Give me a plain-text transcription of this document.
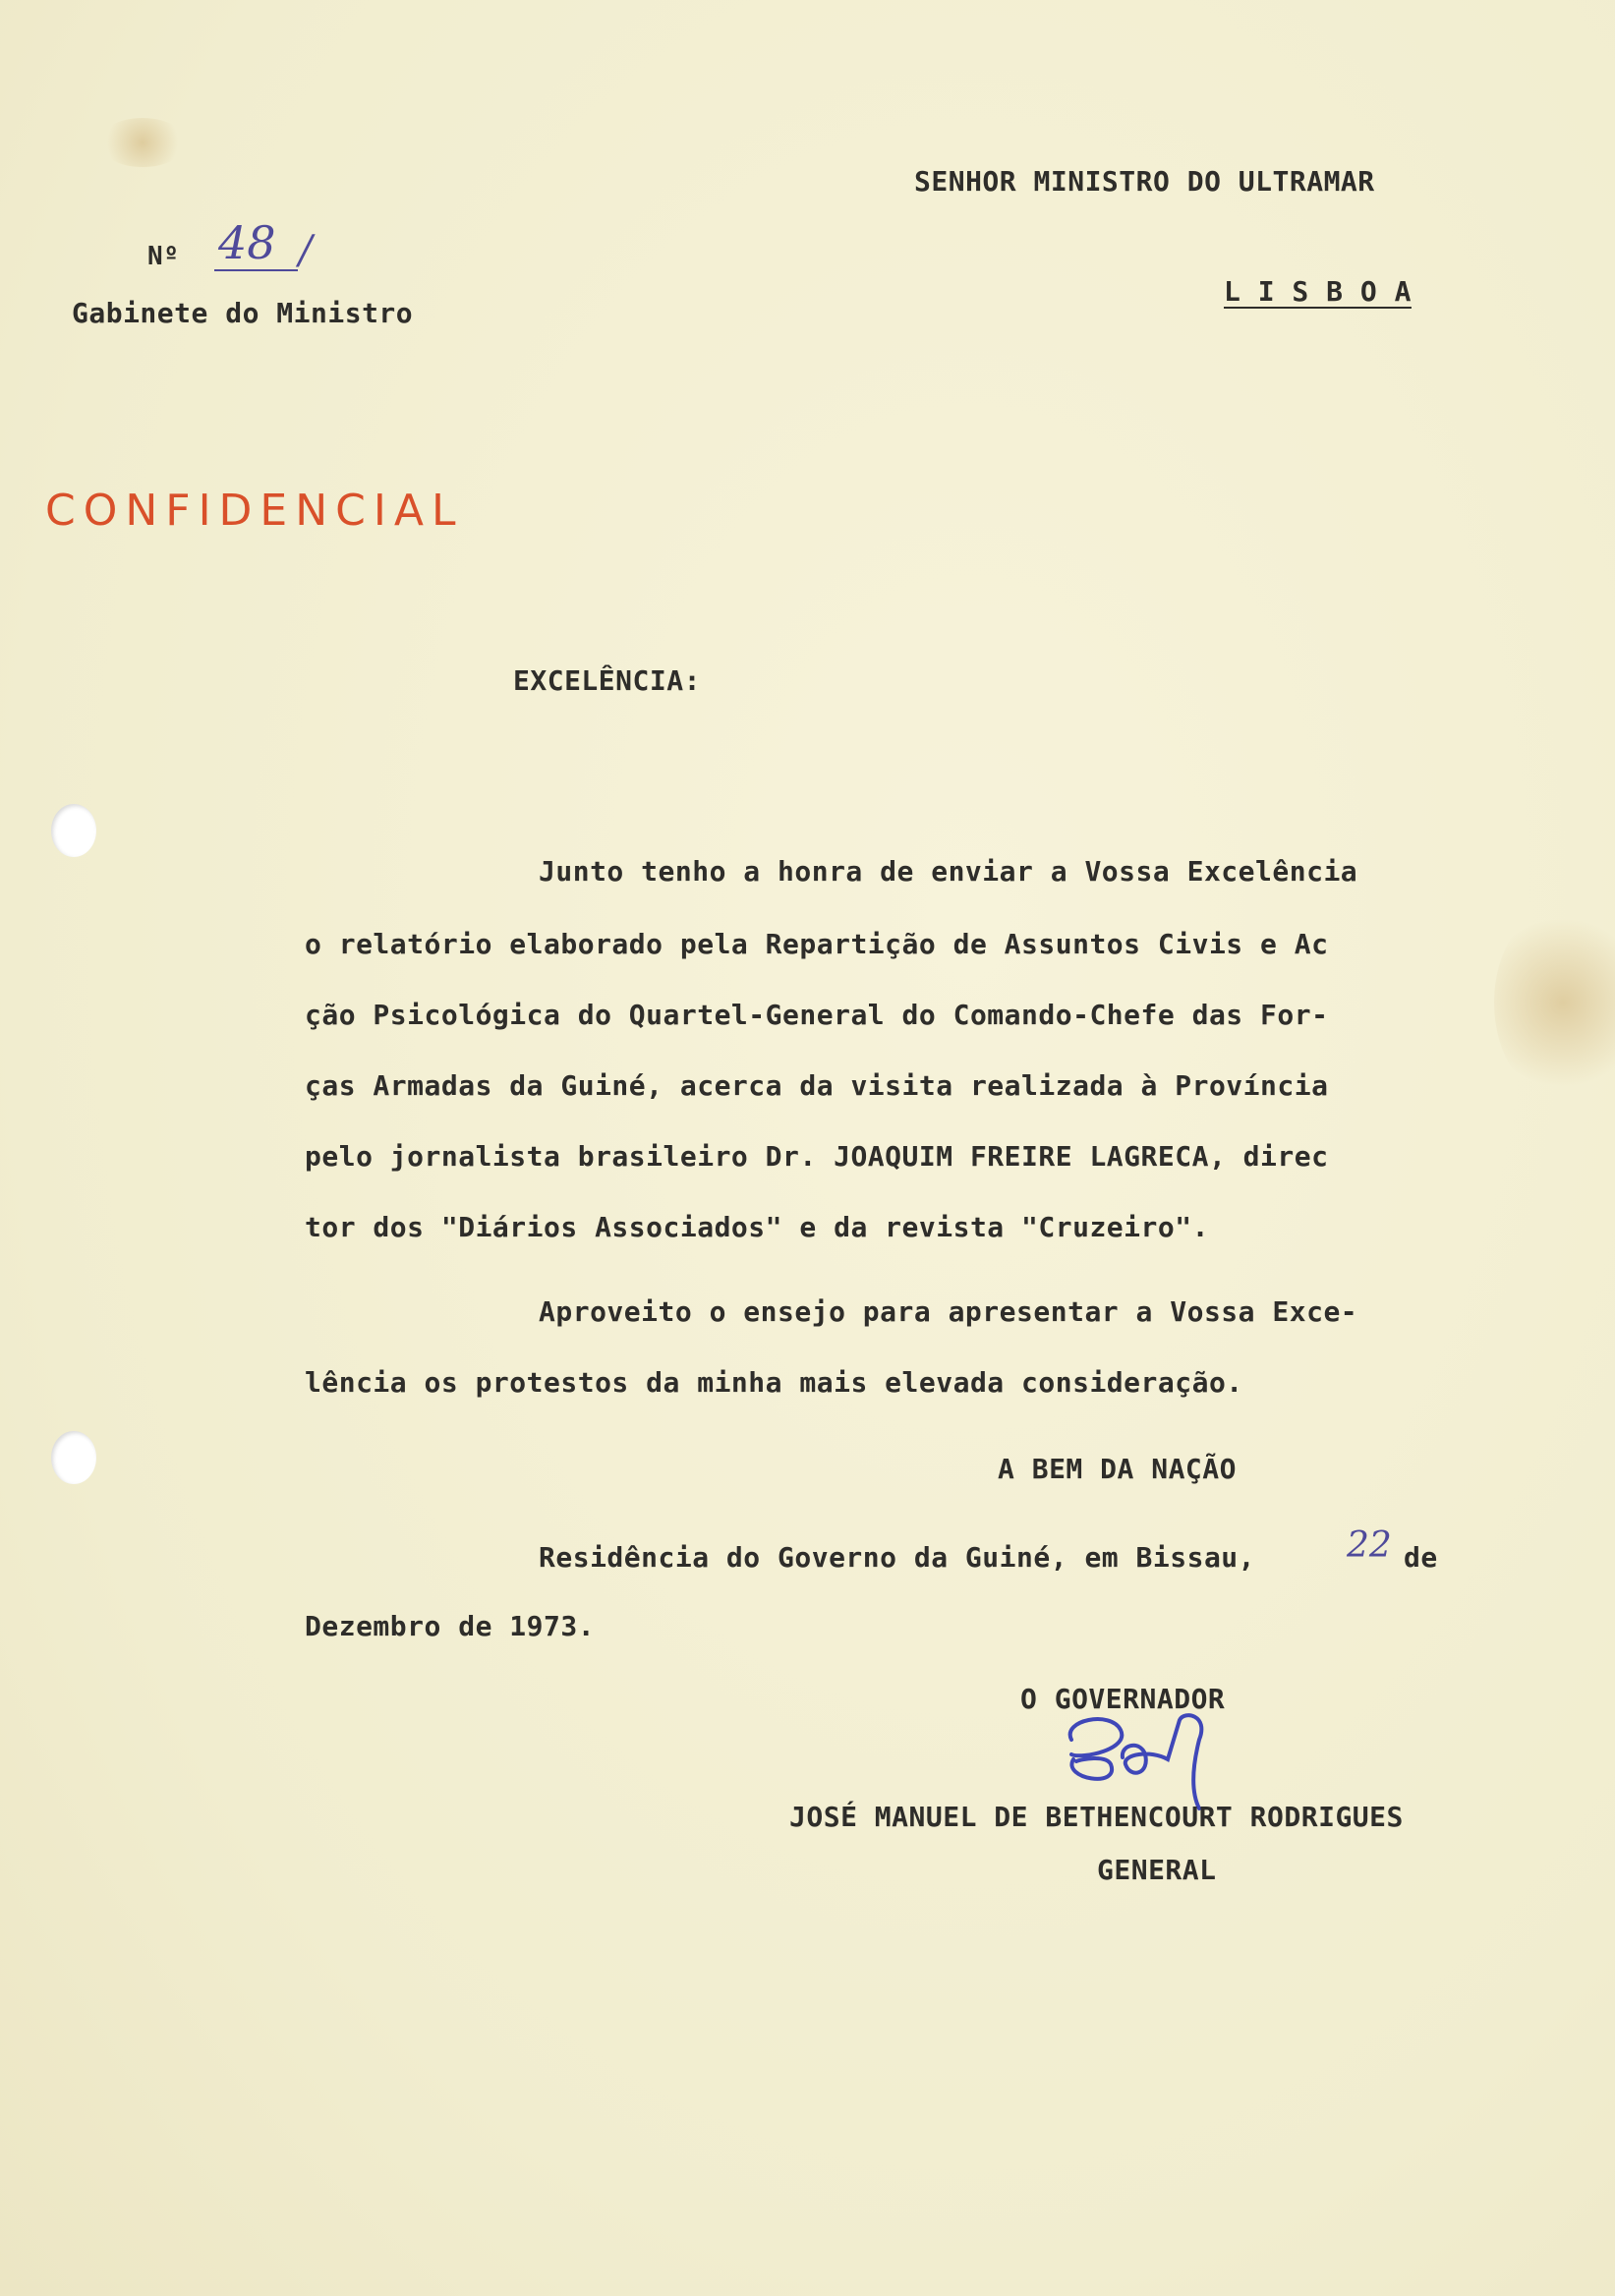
SENHOR MINISTRO DO ULTRAMAR
L I S B O A
Nº 48 /
Gabinete do Ministro
CONFIDENCIAL
EXCELÊNCIA:
Junto tenho a honra de enviar a Vossa Excelência
o relatório elaborado pela Repartição de Assuntos Civis e Ac
ção Psicológica do Quartel-General do Comando-Chefe das For-
ças Armadas da Guiné, acerca da visita realizada à Província
pelo jornalista brasileiro Dr. JOAQUIM FREIRE LAGRECA, direc
tor dos "Diários Associados" e da revista "Cruzeiro".
Aproveito o ensejo para apresentar a Vossa Exce-
lência os protestos da minha mais elevada consideração.
A BEM DA NAÇÃO
Residência do Governo da Guiné, em Bissau,	22 de
Dezembro de 1973.
O GOVERNADOR
JOSÉ MANUEL DE BETHENCOURT RODRIGUES
GENERAL
